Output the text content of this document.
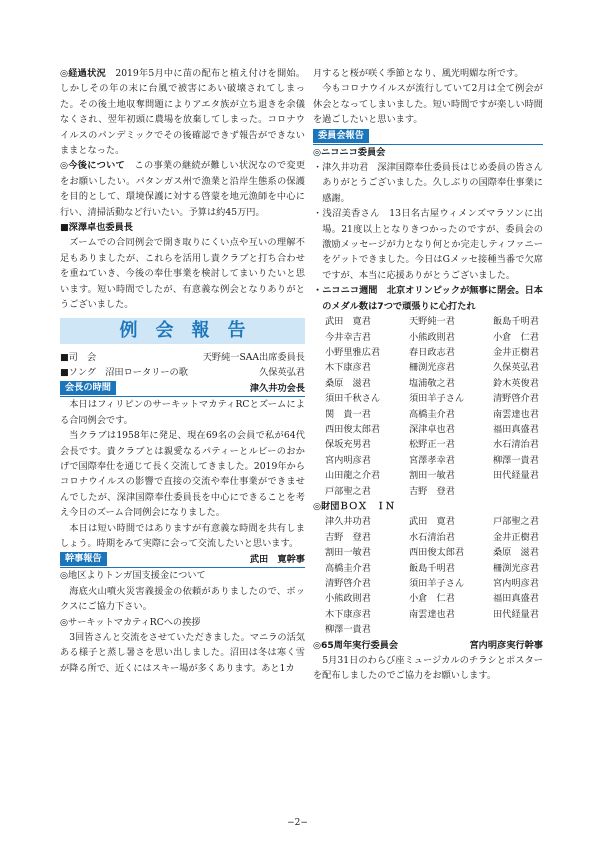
◎経過状況　2019年5月中に苗の配布と植え付けを開始。しかしその年の末に台風で被害にあい破壊されてしまった。その後土地収奪問題によりアエタ族が立ち退きを余儀なくされ、翌年初頭に農場を放棄してしまった。コロナウイルスのパンデミックでその後確認できず報告ができないままとなった。

◎今後について　この事業の継続が難しい状況なので変更をお願いしたい。パタンガス州で漁業と沿岸生態系の保護を目的として、環境保護に対する啓蒙を地元漁師を中心に行い、清掃活動など行いたい。予算は約45万円。

■深澤卓也委員長

ズームでの合同例会で開き取りにくい点や互いの理解不足もありましたが、これらを活用し貴クラブと打ち合わせを重ねていき、今後の奉仕事業を検討してまいりたいと思います。短い時間でしたが、有意義な例会となりありがとうございました。

例会報告
■司　会	天野純一SAA出席委員長
■ソング　沼田ロータリーの歌	久保英弘君
会長の時間	津久井功会長

本日はフィリピンのサーキットマカティRCとズームによる合同例会です。

当クラブは1958年に発足、現在69名の会員で私が64代会長です。貴クラブとは親愛なるパティーとルビーのおかげで国際奉仕を通じて長く交流してきました。2019年からコロナウイルスの影響で直接の交流や奉仕事業ができませんでしたが、深津国際奉仕委員長を中心にできることを考え今日のズーム合同例会になりました。

本日は短い時間ではありますが有意義な時間を共有しましょう。時期をみて実際に会って交流したいと思います。

幹事報告	武田　寛幹事

◎地区よりトンガ国支援金について

海底火山噴火災害義援金の依頼がありましたので、ボックスにご協力下さい。

◎サーキットマカティRCへの挨拶

3回皆さんと交流をさせていただきました。マニラの活気ある様子と蒸し暑さを思い出しました。沼田は冬は寒く雪が降る所で、近くにはスキー場が多くあります。あと1カ

月すると桜が咲く季節となり、風光明媚な所です。

今もコロナウイルスが流行していて2月は全て例会が休会となってしまいました。短い時間ですが楽しい時間を過ごしたいと思います。

委員会報告

◎ニコニコ委員会

・津久井功君　深津国際奉仕委員長はじめ委員の皆さんありがとうございました。久しぶりの国際奉仕事業に感謝。

・浅沼美香さん　13日名古屋ウィメンズマラソンに出場。21度以上となりきつかったのですが、委員会の激励メッセージが力となり何とか完走しティファニーをゲットできました。今日はGメッセ接種当番で欠席ですが、本当に応援ありがとうございました。

・ニコニコ週間　北京オリンピックが無事に閉会。日本のメダル数は7つで頑張りに心打たれ

武田　寛君	天野純一君	飯島千明君
今井幸吉君	小熊政則君	小倉　仁君
小野里雅広君	春日政志君	金井正樹君
木下康彦君	柵渕光彦君	久保英弘君
桑原　滋君	塩浦敬之君	鈴木英俊君
須田千秋さん	須田羊子さん	清野啓介君
関　貴一君	高橋圭介君	南雲達也君
西田俊太郎君	深津卓也君	福田真盛君
保坂充男君	松野正一君	水石清治君
宮内明彦君	宮澤孝幸君	柳澤一貴君
山田龍之介君	割田一敏君	田代経量君
戸部聖之君	吉野　登君

◎財団ＢＯＸ　ＩＮ

津久井功君	武田　寛君	戸部聖之君
吉野　登君	水石清治君	金井正樹君
割田一敏君	西田俊太郎君	桑原　滋君
高橋圭介君	飯島千明君	柵渕光彦君
清野啓介君	須田羊子さん	宮内明彦君
小熊政則君	小倉　仁君	福田真盛君
木下康彦君	南雲達也君	田代経量君
柳澤一貴君
◎65周年実行委員会	宮内明彦実行幹事

5月31日のわらび座ミュージカルのチラシとポスターを配布しましたのでご協力をお願いします。

−2−
